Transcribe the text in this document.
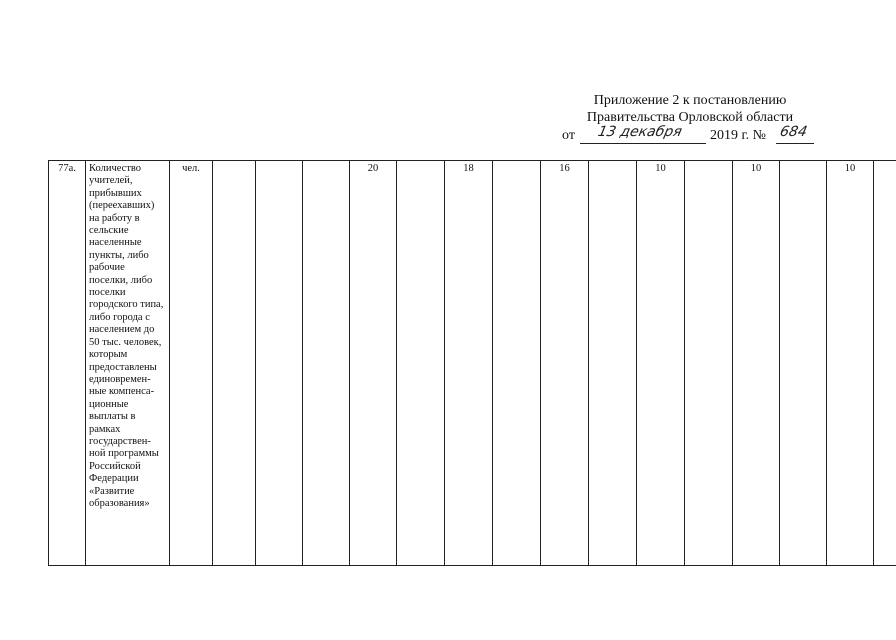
Приложение 2 к постановлению
Правительства Орловской области
от 13 декабря 2019 г. № 684
77а.	Количество учителей, прибывших (переехавших) на работу в сельские населенные пункты, либо рабочие поселки, либо поселки городского типа, либо города с населением до 50 тыс. человек, которым предоставлены единовремен-ные компенса-ционные выплаты в рамках государствен-ной программы Российской Федерации «Развитие образования»	чел.				20		18		16		10		10		10	
